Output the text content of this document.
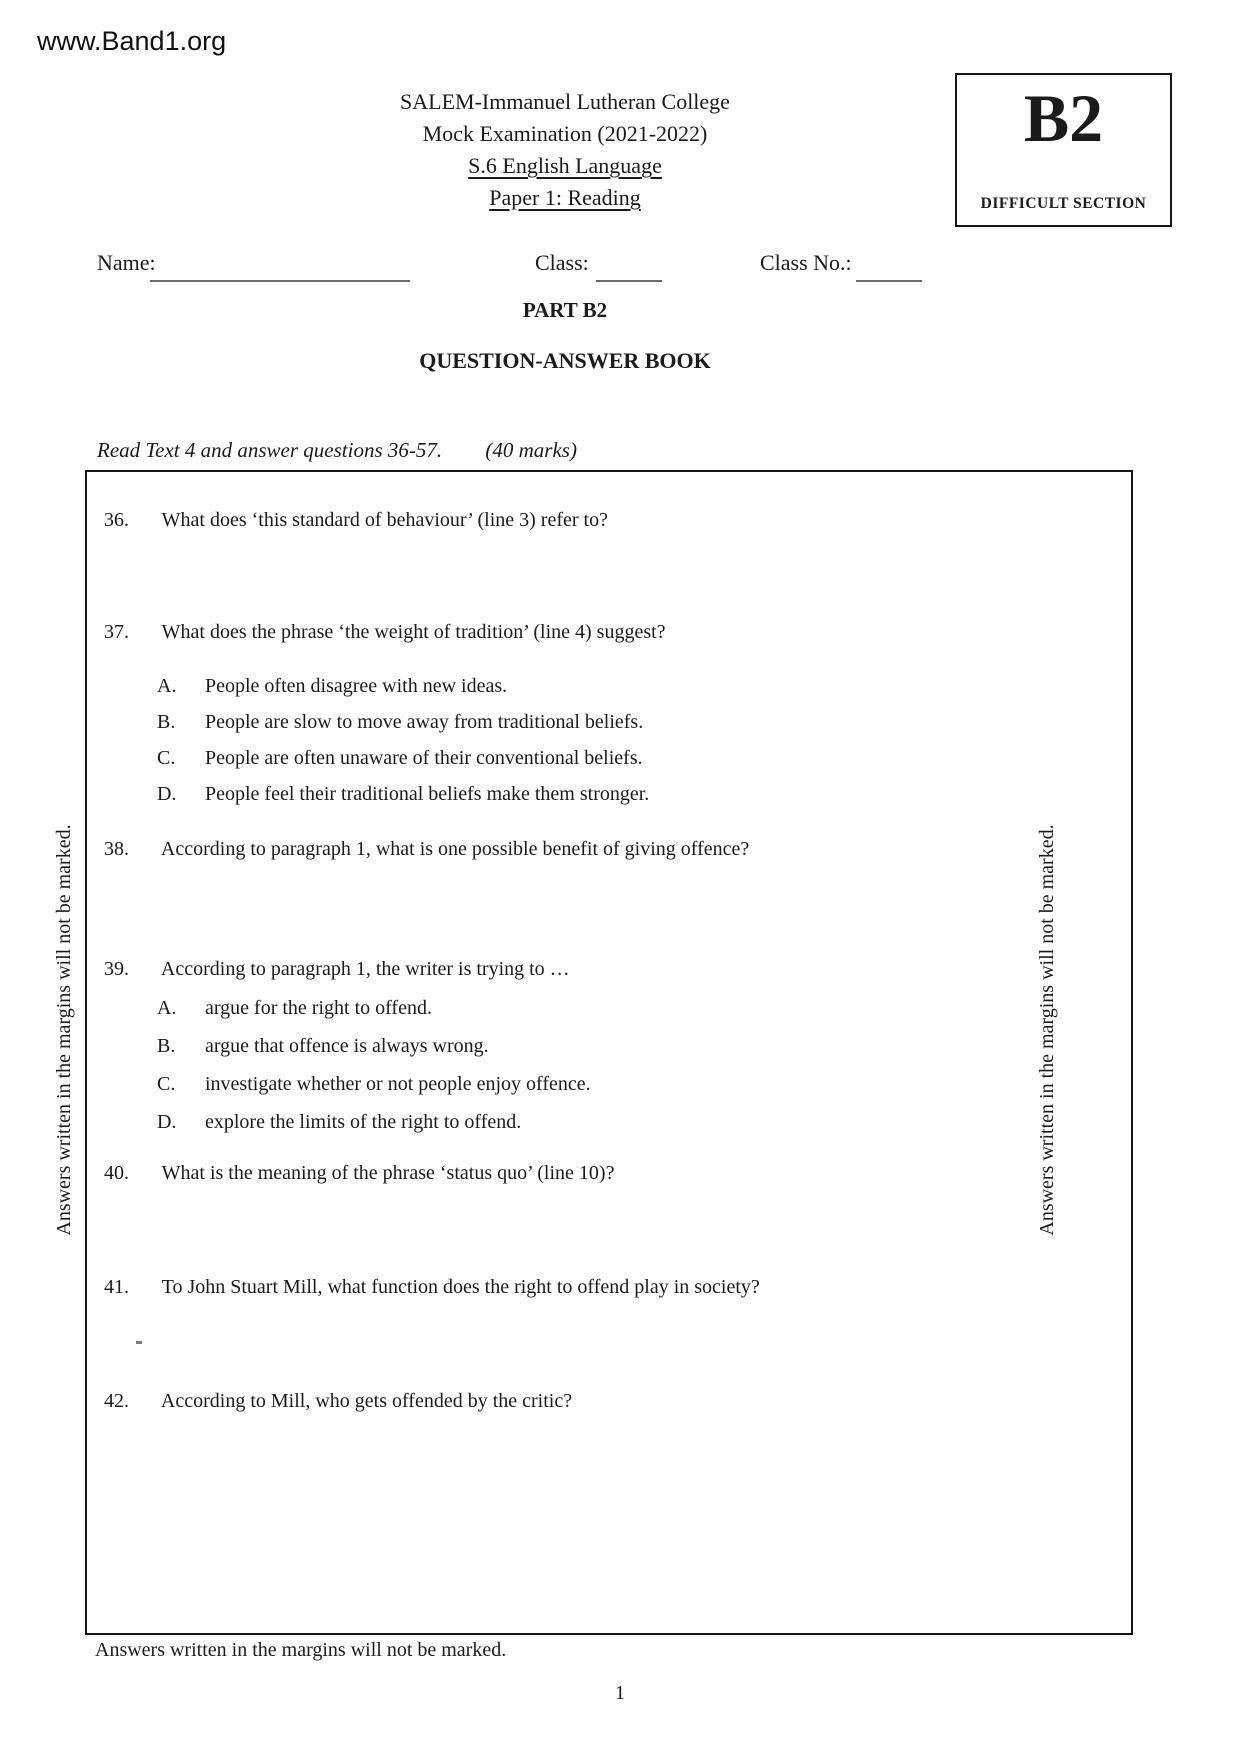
www.Band1.org
SALEM-Immanuel Lutheran College
Mock Examination (2021-2022)
S.6 English Language
Paper 1: Reading
B2
DIFFICULT SECTION
Name:	Class:	Class No.:
PART B2
QUESTION-ANSWER BOOK
Read Text 4 and answer questions 36-57. (40 marks)
36. What does ‘this standard of behaviour’ (line 3) refer to?
37. What does the phrase ‘the weight of tradition’ (line 4) suggest?
A. People often disagree with new ideas.
B. People are slow to move away from traditional beliefs.
C. People are often unaware of their conventional beliefs.
D. People feel their traditional beliefs make them stronger.
38. According to paragraph 1, what is one possible benefit of giving offence?
39. According to paragraph 1, the writer is trying to …
A. argue for the right to offend.
B. argue that offence is always wrong.
C. investigate whether or not people enjoy offence.
D. explore the limits of the right to offend.
40. What is the meaning of the phrase ‘status quo’ (line 10)?
41. To John Stuart Mill, what function does the right to offend play in society?
42. According to Mill, who gets offended by the critic?
Answers written in the margins will not be marked.	Answers written in the margins will not be marked.
Answers written in the margins will not be marked.
1
